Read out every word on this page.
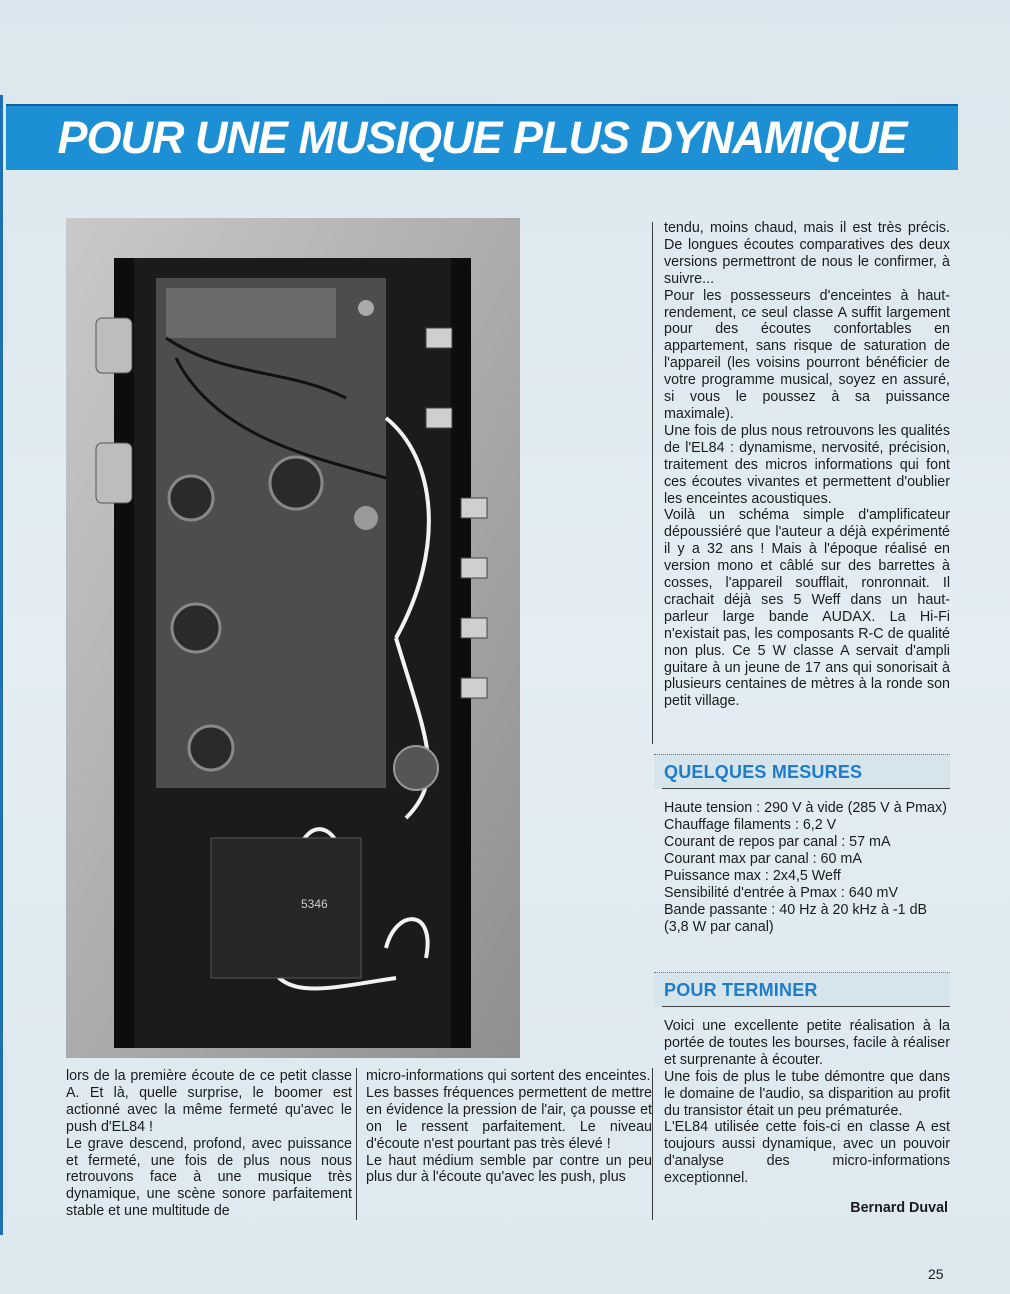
POUR UNE MUSIQUE PLUS DYNAMIQUE
5346
tendu, moins chaud, mais il est très précis. De longues écoutes comparatives des deux versions permettront de nous le confirmer, à suivre...
Pour les possesseurs d'enceintes à haut-rendement, ce seul classe A suffit largement pour des écoutes confortables en appartement, sans risque de saturation de l'appareil (les voisins pourront bénéficier de votre programme musical, soyez en assuré, si vous le poussez à sa puissance maximale).
Une fois de plus nous retrouvons les qualités de l'EL84 : dynamisme, nervosité, précision, traitement des micros informations qui font ces écoutes vivantes et permettent d'oublier les enceintes acoustiques.
Voilà un schéma simple d'amplificateur dépoussiéré que l'auteur a déjà expérimenté il y a 32 ans ! Mais à l'époque réalisé en version mono et câblé sur des barrettes à cosses, l'appareil soufflait, ronronnait. Il crachait déjà ses 5 Weff dans un haut-parleur large bande AUDAX. La Hi-Fi n'existait pas, les composants R-C de qualité non plus. Ce 5 W classe A servait d'ampli guitare à un jeune de 17 ans qui sonorisait à plusieurs centaines de mètres à la ronde son petit village.
QUELQUES MESURES
Haute tension : 290 V à vide (285 V à Pmax)
Chauffage filaments : 6,2 V
Courant de repos par canal : 57 mA
Courant max par canal : 60 mA
Puissance max : 2x4,5 Weff
Sensibilité d'entrée à Pmax : 640 mV
Bande passante : 40 Hz à 20 kHz à -1 dB (3,8 W par canal)
POUR TERMINER
Voici une excellente petite réalisation à la portée de toutes les bourses, facile à réaliser et surprenante à écouter.
Une fois de plus le tube démontre que dans le domaine de l'audio, sa disparition au profit du transistor était un peu prématurée.
L'EL84 utilisée cette fois-ci en classe A est toujours aussi dynamique, avec un pouvoir d'analyse des micro-informations exceptionnel.
lors de la première écoute de ce petit classe A. Et là, quelle surprise, le boomer est actionné avec la même fermeté qu'avec le push d'EL84 !
Le grave descend, profond, avec puissance et fermeté, une fois de plus nous nous retrouvons face à une musique très dynamique, une scène sonore parfaitement stable et une multitude de
micro-informations qui sortent des enceintes.
Les basses fréquences permettent de mettre en évidence la pression de l'air, ça pousse et on le ressent parfaitement. Le niveau d'écoute n'est pourtant pas très élevé !
Le haut médium semble par contre un peu plus dur à l'écoute qu'avec les push, plus
Bernard Duval
25
